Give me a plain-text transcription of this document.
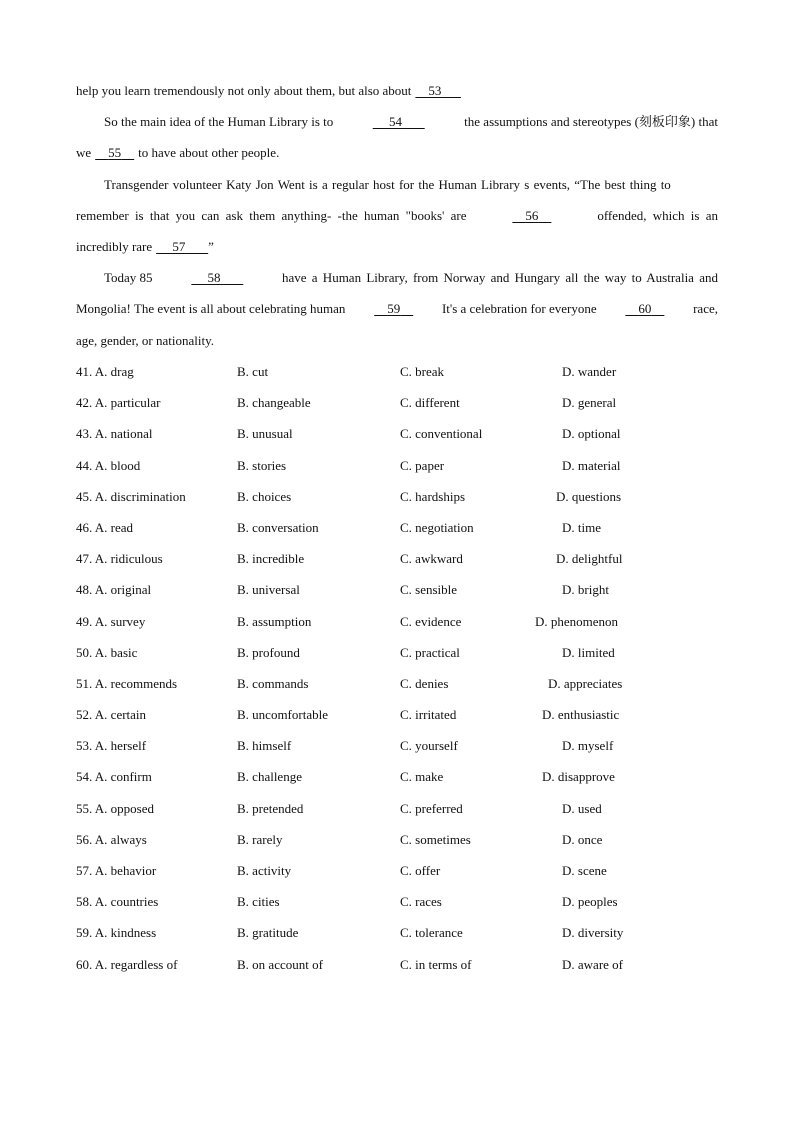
help you learn tremendously not only about them, but also about	53
So the main idea of the Human Library is to	54	the assumptions and stereotypes (刻板印象) that
we	55	to have about other people.
Transgender volunteer Katy Jon Went is a regular host for the Human Library s events, “The best thing to
remember is that you can ask them anything- -the human "books' are	56	offended, which is an
incredibly rare	57	”
Today 85	58	have a Human Library, from Norway and Hungary all the way to Australia and
Mongolia! The event is all about celebrating human	59	It's a celebration for everyone	60	race,
age, gender, or nationality.
41. A. drag	B. cut	C. break	D. wander
42. A. particular	B. changeable	C. different	D. general
43. A. national	B. unusual	C. conventional	D. optional
44. A. blood	B. stories	C. paper	D. material
45. A. discrimination	B. choices	C. hardships	D. questions
46. A. read	B. conversation	C. negotiation	D. time
47. A. ridiculous	B. incredible	C. awkward	D. delightful
48. A. original	B. universal	C. sensible	D. bright
49. A. survey	B. assumption	C. evidence	D. phenomenon
50. A. basic	B. profound	C. practical	D. limited
51. A. recommends	B. commands	C. denies	D. appreciates
52. A. certain	B. uncomfortable	C. irritated	D. enthusiastic
53. A. herself	B. himself	C. yourself	D. myself
54. A. confirm	B. challenge	C. make	D. disapprove
55. A. opposed	B. pretended	C. preferred	D. used
56. A. always	B. rarely	C. sometimes	D. once
57. A. behavior	B. activity	C. offer	D. scene
58. A. countries	B. cities	C. races	D. peoples
59. A. kindness	B. gratitude	C. tolerance	D. diversity
60. A. regardless of	B. on account of	C. in terms of	D. aware of
